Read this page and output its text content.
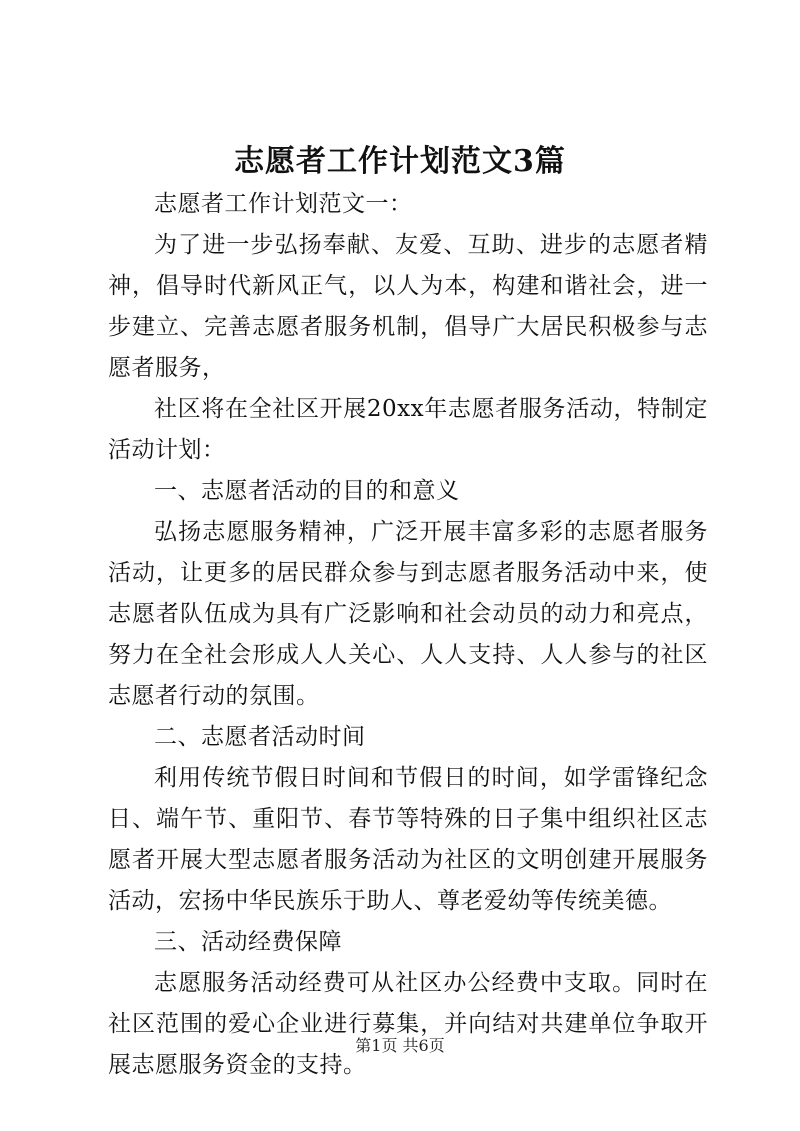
志愿者工作计划范文3篇

志愿者工作计划范文一：

为了进一步弘扬奉献、友爱、互助、进步的志愿者精神，倡导时代新风正气，以人为本，构建和谐社会，进一步建立、完善志愿者服务机制，倡导广大居民积极参与志愿者服务，

社区将在全社区开展20xx年志愿者服务活动，特制定活动计划：

一、志愿者活动的目的和意义

弘扬志愿服务精神，广泛开展丰富多彩的志愿者服务活动，让更多的居民群众参与到志愿者服务活动中来，使志愿者队伍成为具有广泛影响和社会动员的动力和亮点，努力在全社会形成人人关心、人人支持、人人参与的社区志愿者行动的氛围。

二、志愿者活动时间

利用传统节假日时间和节假日的时间，如学雷锋纪念日、端午节、重阳节、春节等特殊的日子集中组织社区志愿者开展大型志愿者服务活动为社区的文明创建开展服务活动，宏扬中华民族乐于助人、尊老爱幼等传统美德。

三、活动经费保障

志愿服务活动经费可从社区办公经费中支取。同时在社区范围的爱心企业进行募集，并向结对共建单位争取开展志愿服务资金的支持。

第1页 共6页
